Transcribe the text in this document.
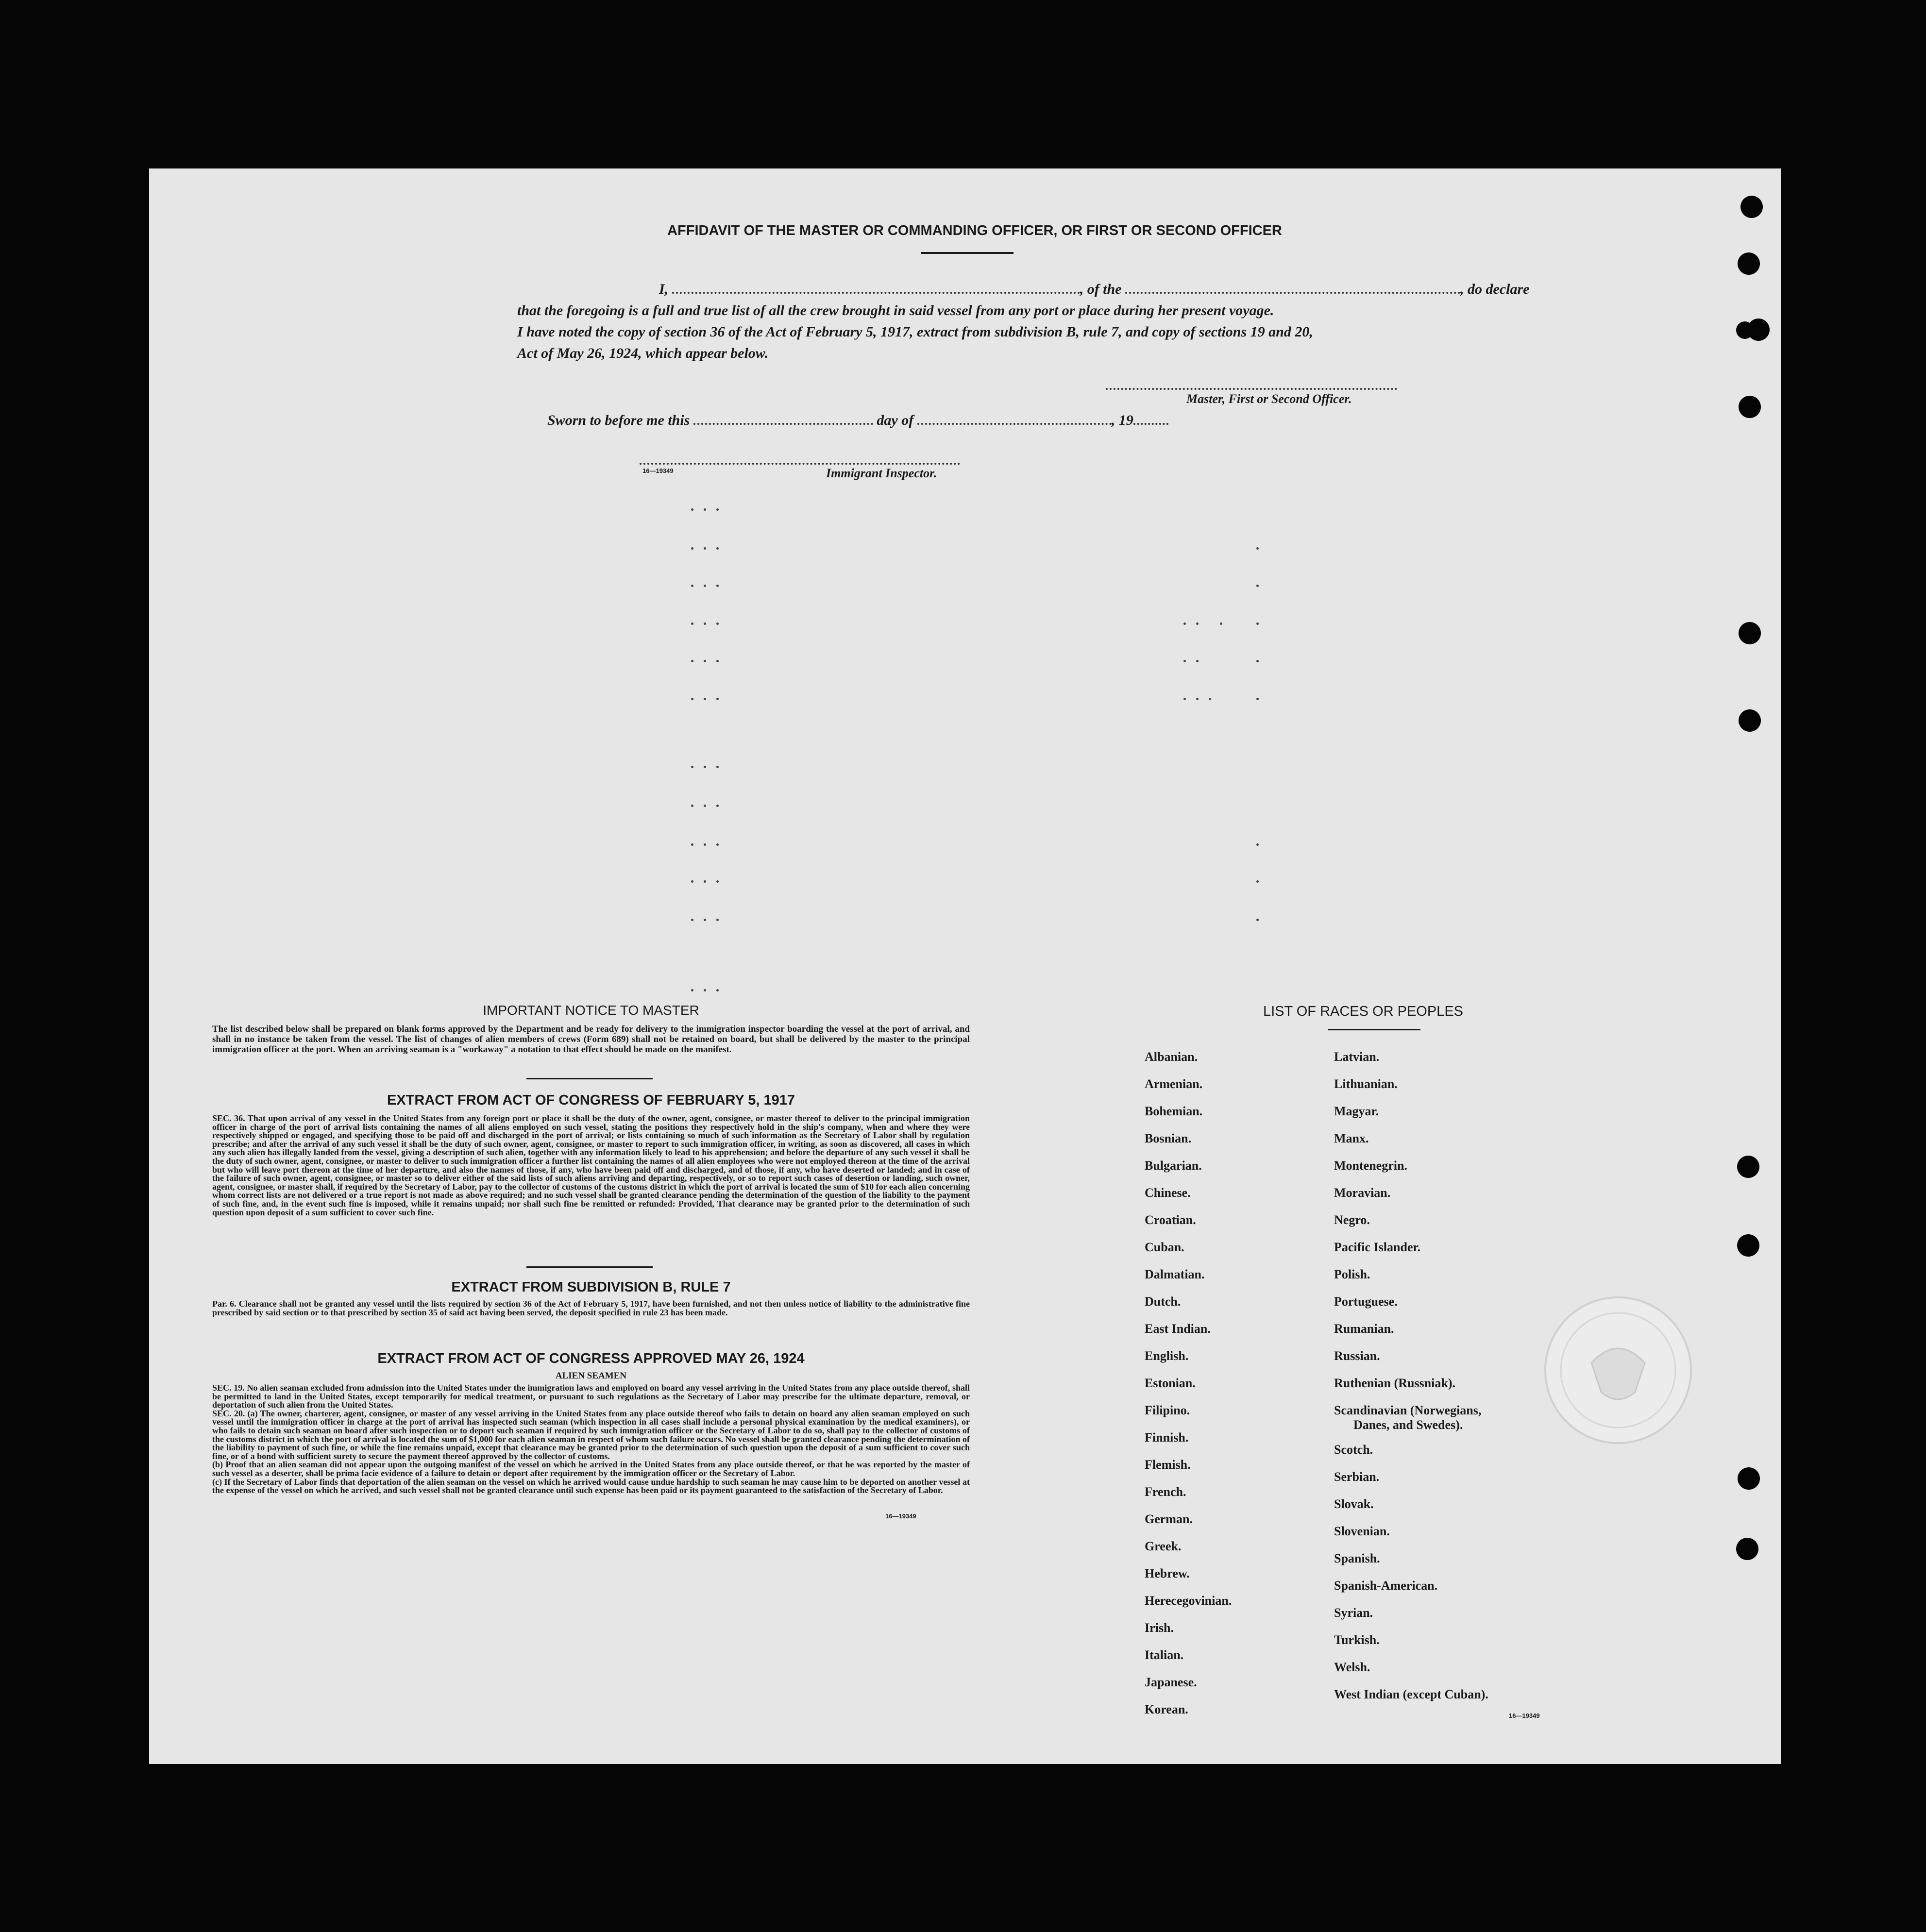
AFFIDAVIT OF THE MASTER OR COMMANDING OFFICER, OR FIRST OR SECOND OFFICER
I,	, of the	, do declare
that the foregoing is a full and true list of all the crew brought in said vessel from any port or place during her present voyage.
I have noted the copy of section 36 of the Act of February 5, 1917, extract from subdivision B, rule 7, and copy of sections 19 and 20,
Act of May 26, 1924, which appear below.
Master, First or Second Officer.
Sworn to before me this	day of	, 19
16—19349	Immigrant Inspector.
IMPORTANT NOTICE TO MASTER
The list described below shall be prepared on blank forms approved by the Department and be ready for delivery to the immigration inspector boarding the vessel at the port of arrival, and shall in no instance be taken from the vessel. The list of changes of alien members of crews (Form 689) shall not be retained on board, but shall be delivered by the master to the principal immigration officer at the port. When an arriving seaman is a "workaway" a notation to that effect should be made on the manifest.
EXTRACT FROM ACT OF CONGRESS OF FEBRUARY 5, 1917
SEC. 36. That upon arrival of any vessel in the United States from any foreign port or place it shall be the duty of the owner, agent, consignee, or master thereof to deliver to the principal immigration officer in charge of the port of arrival lists containing the names of all aliens employed on such vessel, stating the positions they respectively hold in the ship's company, when and where they were respectively shipped or engaged, and specifying those to be paid off and discharged in the port of arrival; or lists containing so much of such information as the Secretary of Labor shall by regulation prescribe; and after the arrival of any such vessel it shall be the duty of such owner, agent, consignee, or master to report to such immigration officer, in writing, as soon as discovered, all cases in which any such alien has illegally landed from the vessel, giving a description of such alien, together with any information likely to lead to his apprehension; and before the departure of any such vessel it shall be the duty of such owner, agent, consignee, or master to deliver to such immigration officer a further list containing the names of all alien employees who were not employed thereon at the time of the arrival but who will leave port thereon at the time of her departure, and also the names of those, if any, who have been paid off and discharged, and of those, if any, who have deserted or landed; and in case of the failure of such owner, agent, consignee, or master so to deliver either of the said lists of such aliens arriving and departing, respectively, or so to report such cases of desertion or landing, such owner, agent, consignee, or master shall, if required by the Secretary of Labor, pay to the collector of customs of the customs district in which the port of arrival is located the sum of $10 for each alien concerning whom correct lists are not delivered or a true report is not made as above required; and no such vessel shall be granted clearance pending the determination of the question of the liability to the payment of such fine, and, in the event such fine is imposed, while it remains unpaid; nor shall such fine be remitted or refunded: Provided, That clearance may be granted prior to the determination of such question upon deposit of a sum sufficient to cover such fine.
EXTRACT FROM SUBDIVISION B, RULE 7
Par. 6. Clearance shall not be granted any vessel until the lists required by section 36 of the Act of February 5, 1917, have been furnished, and not then unless notice of liability to the administrative fine prescribed by said section or to that prescribed by section 35 of said act having been served, the deposit specified in rule 23 has been made.
EXTRACT FROM ACT OF CONGRESS APPROVED MAY 26, 1924
ALIEN SEAMEN
SEC. 19. No alien seaman excluded from admission into the United States under the immigration laws and employed on board any vessel arriving in the United States from any place outside thereof, shall be permitted to land in the United States, except temporarily for medical treatment, or pursuant to such regulations as the Secretary of Labor may prescribe for the ultimate departure, removal, or deportation of such alien from the United States.
SEC. 20. (a) The owner, charterer, agent, consignee, or master of any vessel arriving in the United States from any place outside thereof who fails to detain on board any alien seaman employed on such vessel until the immigration officer in charge at the port of arrival has inspected such seaman (which inspection in all cases shall include a personal physical examination by the medical examiners), or who fails to detain such seaman on board after such inspection or to deport such seaman if required by such immigration officer or the Secretary of Labor to do so, shall pay to the collector of customs of the customs district in which the port of arrival is located the sum of $1,000 for each alien seaman in respect of whom such failure occurs. No vessel shall be granted clearance pending the determination of the liability to payment of such fine, or while the fine remains unpaid, except that clearance may be granted prior to the determination of such question upon the deposit of a sum sufficient to cover such fine, or of a bond with sufficient surety to secure the payment thereof approved by the collector of customs.
(b) Proof that an alien seaman did not appear upon the outgoing manifest of the vessel on which he arrived in the United States from any place outside thereof, or that he was reported by the master of such vessel as a deserter, shall be prima facie evidence of a failure to detain or deport after requirement by the immigration officer or the Secretary of Labor.
(c) If the Secretary of Labor finds that deportation of the alien seaman on the vessel on which he arrived would cause undue hardship to such seaman he may cause him to be deported on another vessel at the expense of the vessel on which he arrived, and such vessel shall not be granted clearance until such expense has been paid or its payment guaranteed to the satisfaction of the Secretary of Labor.
16—19349
LIST OF RACES OR PEOPLES
Albanian.
Armenian.
Bohemian.
Bosnian.
Bulgarian.
Chinese.
Croatian.
Cuban.
Dalmatian.
Dutch.
East Indian.
English.
Estonian.
Filipino.
Finnish.
Flemish.
French.
German.
Greek.
Hebrew.
Herecegovinian.
Irish.
Italian.
Japanese.
Korean.
Latvian.
Lithuanian.
Magyar.
Manx.
Montenegrin.
Moravian.
Negro.
Pacific Islander.
Polish.
Portuguese.
Rumanian.
Russian.
Ruthenian (Russniak).
Scandinavian (Norwegians,
Danes, and Swedes).
Scotch.
Serbian.
Slovak.
Slovenian.
Spanish.
Spanish-American.
Syrian.
Turkish.
Welsh.
West Indian (except Cuban).
16—19349
